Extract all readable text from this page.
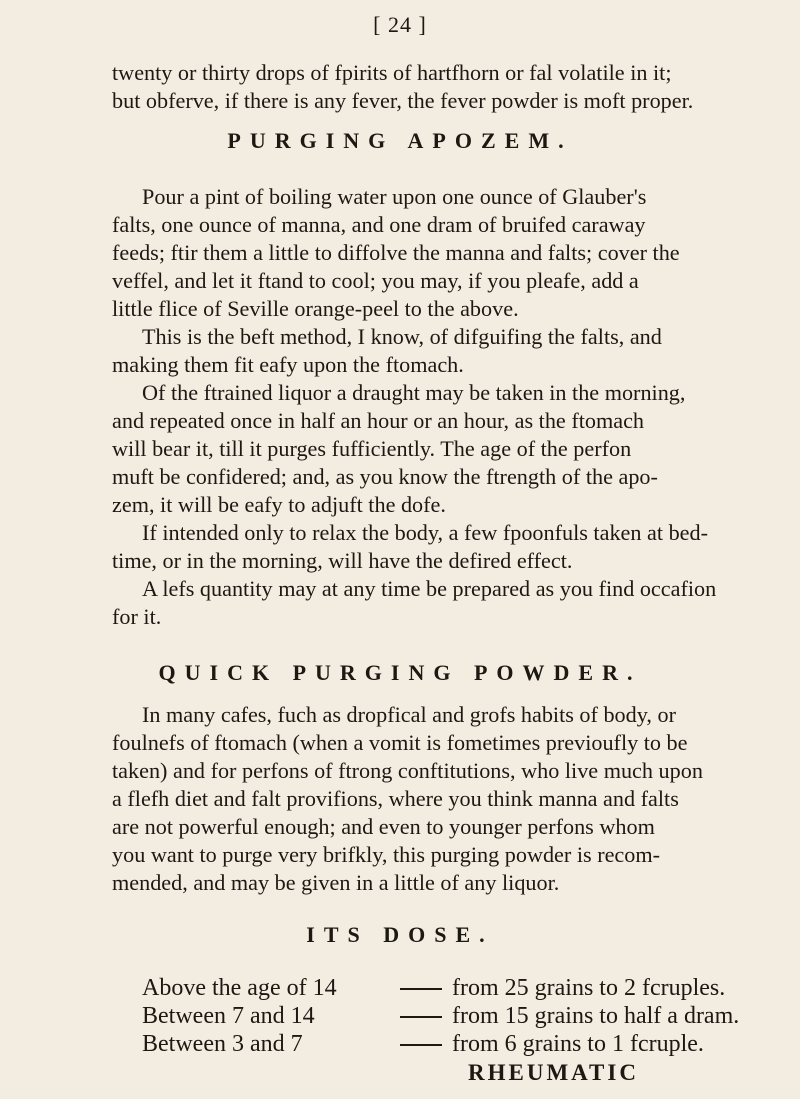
[ 24 ]
twenty or thirty drops of fpirits of hartfhorn or fal volatile in it;
but obferve, if there is any fever, the fever powder is moft proper.
PURGING APOZEM.
Pour a pint of boiling water upon one ounce of Glauber's
falts, one ounce of manna, and one dram of bruifed caraway
feeds; ftir them a little to diffolve the manna and falts; cover the
veffel, and let it ftand to cool; you may, if you pleafe, add a
little flice of Seville orange-peel to the above.
This is the beft method, I know, of difguifing the falts, and
making them fit eafy upon the ftomach.
Of the ftrained liquor a draught may be taken in the morning,
and repeated once in half an hour or an hour, as the ftomach
will bear it, till it purges fufficiently. The age of the perfon
muft be confidered; and, as you know the ftrength of the apo-
zem, it will be eafy to adjuft the dofe.
If intended only to relax the body, a few fpoonfuls taken at bed-
time, or in the morning, will have the defired effect.
A lefs quantity may at any time be prepared as you find occafion
for it.
QUICK PURGING POWDER.
In many cafes, fuch as dropfical and grofs habits of body, or
foulnefs of ftomach (when a vomit is fometimes previoufly to be
taken) and for perfons of ftrong conftitutions, who live much upon
a flefh diet and falt provifions, where you think manna and falts
are not powerful enough; and even to younger perfons whom
you want to purge very brifkly, this purging powder is recom-
mended, and may be given in a little of any liquor.
ITS DOSE.
Above the age of 14	from 25 grains to 2 fcruples.
Between 7 and 14	from 15 grains to half a dram.
Between 3 and 7	from 6 grains to 1 fcruple.
RHEUMATIC
